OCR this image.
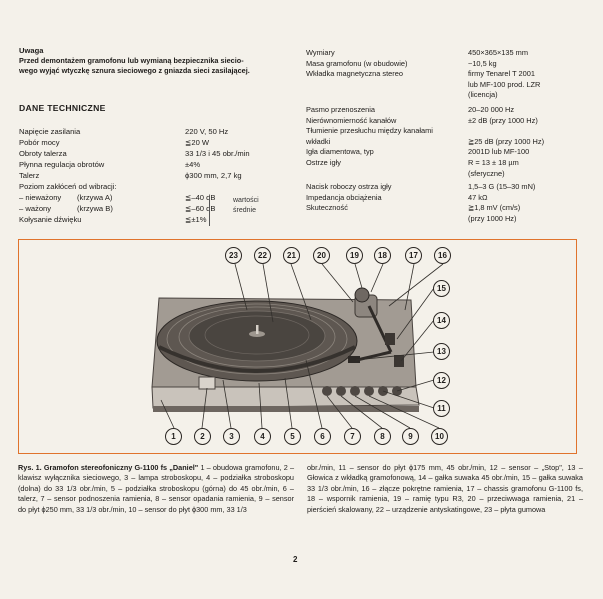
Uwaga
Przed demontażem gramofonu lub wymianą bezpiecznika siecio-
wego wyjąć wtyczkę sznura sieciowego z gniazda sieci zasilającej.
DANE TECHNICZNE
Napięcie zasilania	220 V, 50 Hz
Pobór mocy	≦20 W
Obroty talerza	33 1/3 i 45 obr./min
Płynna regulacja obrotów	±4%
Talerz	ϕ300 mm, 2,7 kg
Poziom zakłóceń od wibracji:
– nieważony (krzywa A)	≦–40 dB
– ważony	(krzywa B)	≦–60 dB
Kołysanie dźwięku	≦±1%
wartości
średnie
Wymiary	450×365×135 mm
Masa gramofonu (w obudowie)	~10,5 kg
Wkładka magnetyczna stereo	firmy Tenarel T 2001
lub MF-100 prod. LZR
(licencja)
Pasmo przenoszenia	20–20 000 Hz
Nierównomierność kanałów	±2 dB (przy 1000 Hz)
Tłumienie przesłuchu między kanałami
wkładki	≧25 dB (przy 1000 Hz)
Igła diamentowa, typ	2001D lub MF-100
Ostrze igły	R = 13 ± 18 µm
(sferyczne)
Nacisk roboczy ostrza igły	1,5–3 G (15–30 mN)
Impedancja obciążenia	47 kΩ
Skuteczność	≧1,8 mV (cm/s)
(przy 1000 Hz)
23	22	21	20	19	18	17	16
15
14
13
12
11
1	2	3	4	5	6	7	8	9	10
Rys. 1. Gramofon stereofoniczny G-1100 fs „Daniel" 1 – obudowa gramofonu, 2 – klawisz wyłącznika sieciowego, 3 – lampa stroboskopu, 4 – podziałka stroboskopu (dolna) do 33 1/3 obr./min, 5 – podziałka stroboskopu (górna) do 45 obr./min, 6 – talerz, 7 – sensor podnoszenia ramienia, 8 – sensor opadania ramienia, 9 – sensor do płyt ϕ250 mm, 33 1/3 obr./min, 10 – sensor do płyt ϕ300 mm, 33 1/3
obr./min, 11 – sensor do płyt ϕ175 mm, 45 obr./min, 12 – sensor – „Stop", 13 – Głowica z wkładką gramofonową, 14 – gałka suwaka 45 obr./min, 15 – gałka suwaka 33 1/3 obr./min, 16 – złącze pokrętne ramienia, 17 – chassis gramofonu G-1100 fs, 18 – wspornik ramienia, 19 – ramię typu R3, 20 – przeciwwaga ramienia, 21 – pierścień skalowany, 22 – urządzenie antyskatingowe, 23 – płyta gumowa
2
